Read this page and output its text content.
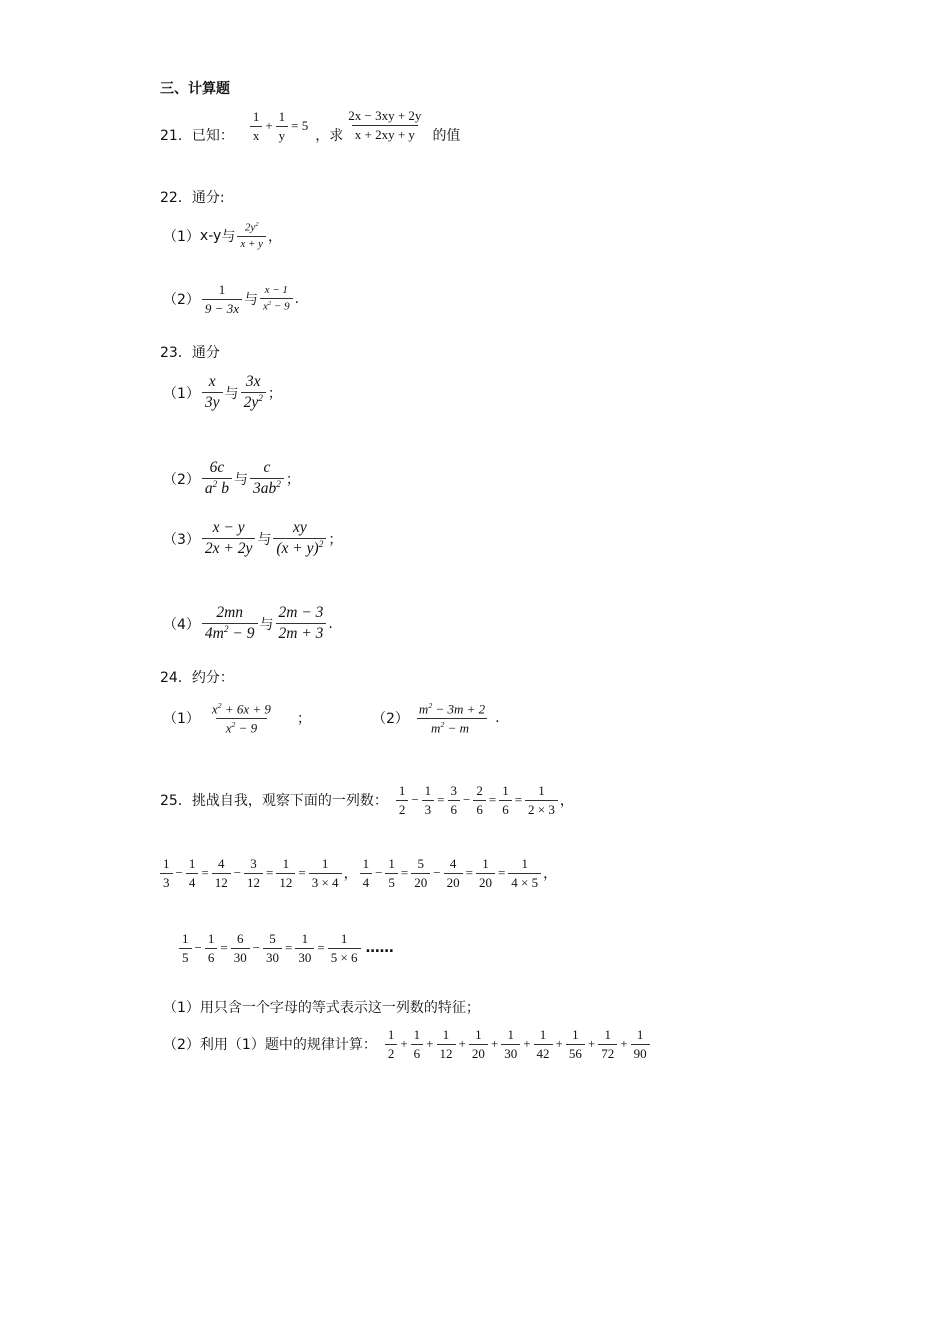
三、计算题
21．已知： $\frac{1}{x} + \frac{1}{y} = 5$
，求 $\frac{2x - 3xy + 2y}{x + 2xy + y}$ 的值
22．通分:
（1） x-y 与 $\frac{2y^2}{x + y}$ ，
$(2) \frac{1}{9 - 3x}$ 与 $\frac{x - 1}{x^2 - 9}$ .
23．通分
$(1) \frac{x}{3y}$ 与 $\frac{3x}{2y^2}$ ；
$(2) \frac{6c}{a^2 b}$ 与 $\frac{c}{3ab^2}$ ；
$(3) \frac{x - y}{2x + 2y}$ 与 $\frac{xy}{(x + y)^2}$ ；
$(4) \frac{2mn}{4m^2 - 9}$ 与 $\frac{2m - 3}{2m + 3}$ .
24．约分：
$(1) \frac{x^2 + 6x + 9}{x^2 - 9}$ ；	$(2) \frac{m^2 - 3m + 2}{m^2 - m}$ .
25．挑战自我，观察下面的一列数： $\frac{1}{2} - \frac{1}{3} = \frac{3}{6} - \frac{2}{6} = \frac{1}{6} = \frac{1}{2 \times 3}$ ，
$\frac{1}{3} - \frac{1}{4} = \frac{4}{12} - \frac{3}{12} = \frac{1}{12} = \frac{1}{3 \times 4}$ ， $\frac{1}{4} - \frac{1}{5} = \frac{5}{20} - \frac{4}{20} = \frac{1}{20} = \frac{1}{4 \times 5}$ ，
$\frac{1}{5} - \frac{1}{6} = \frac{6}{30} - \frac{5}{30} = \frac{1}{30} = \frac{1}{5 \times 6}$ ……
（1）用只含一个字母的等式表示这一列数的特征；
（2）利用（1）题中的规律计算： $\frac{1}{2} + \frac{1}{6} + \frac{1}{12} + \frac{1}{20} + \frac{1}{30} + \frac{1}{42} + \frac{1}{56} + \frac{1}{72} + \frac{1}{90}$
